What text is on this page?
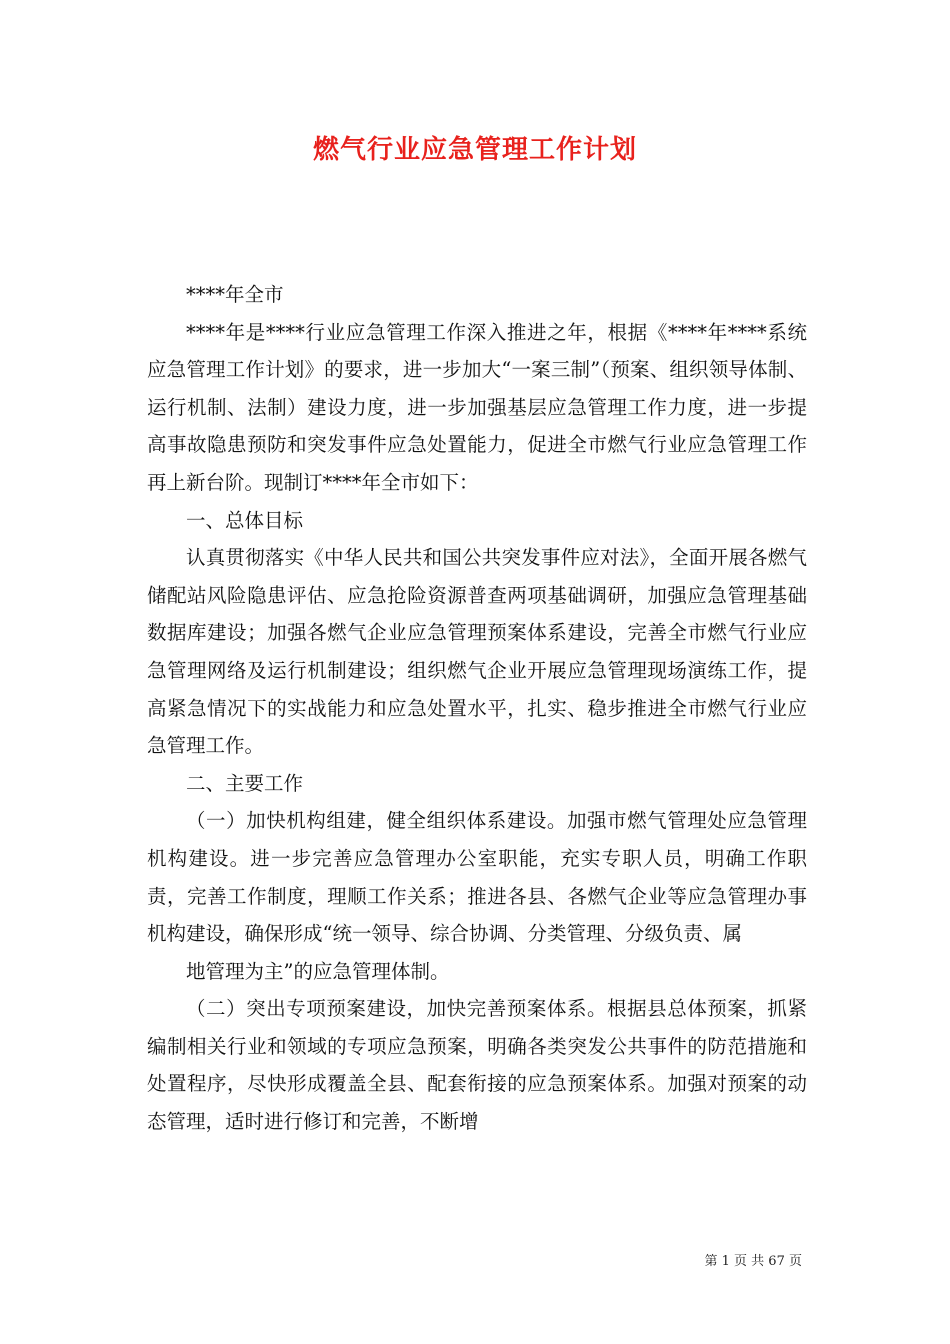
燃气行业应急管理工作计划

****年全市

****年是****行业应急管理工作深入推进之年，根据《****年****系统应急管理工作计划》的要求，进一步加大“一案三制”（预案、组织领导体制、运行机制、法制）建设力度，进一步加强基层应急管理工作力度，进一步提高事故隐患预防和突发事件应急处置能力，促进全市燃气行业应急管理工作再上新台阶。现制订****年全市如下：

一、总体目标

认真贯彻落实《中华人民共和国公共突发事件应对法》，全面开展各燃气储配站风险隐患评估、应急抢险资源普查两项基础调研，加强应急管理基础数据库建设；加强各燃气企业应急管理预案体系建设，完善全市燃气行业应急管理网络及运行机制建设；组织燃气企业开展应急管理现场演练工作，提高紧急情况下的实战能力和应急处置水平，扎实、稳步推进全市燃气行业应急管理工作。

二、主要工作

（一）加快机构组建，健全组织体系建设。加强市燃气管理处应急管理机构建设。进一步完善应急管理办公室职能，充实专职人员，明确工作职责，完善工作制度，理顺工作关系；推进各县、各燃气企业等应急管理办事机构建设，确保形成“统一领导、综合协调、分类管理、分级负责、属

地管理为主”的应急管理体制。

（二）突出专项预案建设，加快完善预案体系。根据县总体预案，抓紧编制相关行业和领域的专项应急预案，明确各类突发公共事件的防范措施和处置程序，尽快形成覆盖全县、配套衔接的应急预案体系。加强对预案的动态管理，适时进行修订和完善，不断增

第 1 页 共 67 页
